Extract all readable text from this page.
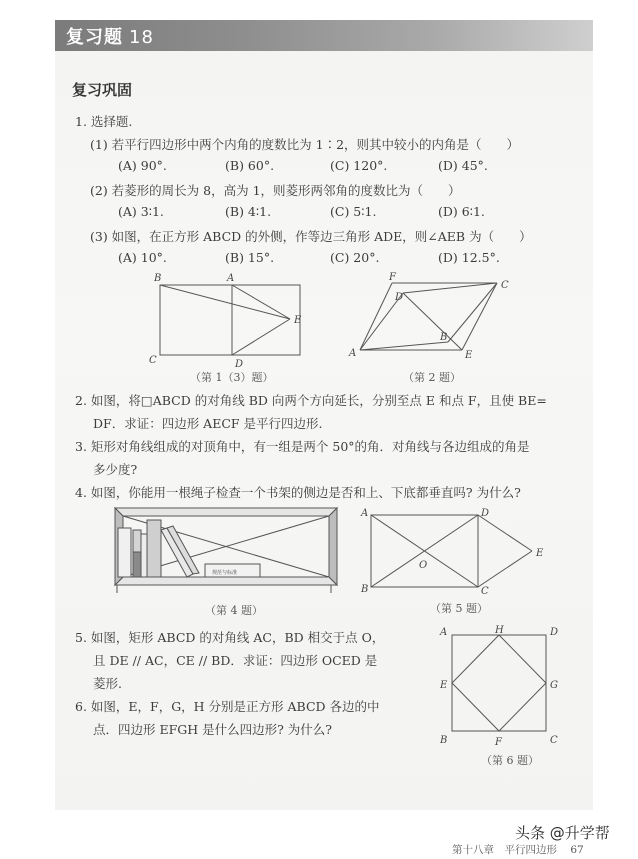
复习题 18
复习巩固
1. 选择题.
(1) 若平行四边形中两个内角的度数比为 1∶2，则其中较小的内角是（　　）
(A) 90°.	(B) 60°.	(C) 120°.	(D) 45°.
(2) 若菱形的周长为 8，高为 1，则菱形两邻角的度数比为（　　）
(A) 3∶1.	(B) 4∶1.	(C) 5∶1.	(D) 6∶1.
(3) 如图，在正方形 ABCD 的外侧，作等边三角形 ADE，则∠AEB 为（　　）
(A) 10°.	(B) 15°.	(C) 20°.	(D) 12.5°.
B	A
E
C	D
（第 1（3）题）
F
D
C
B
A	E
（第 2 题）
2. 如图，将□ABCD 的对角线 BD 向两个方向延长，分别至点 E 和点 F，且使 BE=
DF．求证：四边形 AECF 是平行四边形.
3. 矩形对角线组成的对顶角中，有一组是两个 50°的角．对角线与各边组成的角是
多少度?
4. 如图，你能用一根绳子检查一个书架的侧边是否和上、下底都垂直吗? 为什么?
规范与标准
（第 4 题）
A	D
E
O
B	C
（第 5 题）
5. 如图，矩形 ABCD 的对角线 AC，BD 相交于点 O，
且 DE // AC，CE // BD．求证：四边形 OCED 是
菱形.
6. 如图，E，F，G，H 分别是正方形 ABCD 各边的中
点．四边形 EFGH 是什么四边形? 为什么?
A	H	D
E	G
B	F	C
（第 6 题）
头条 @升学帮
第十八章　平行四边形 67
